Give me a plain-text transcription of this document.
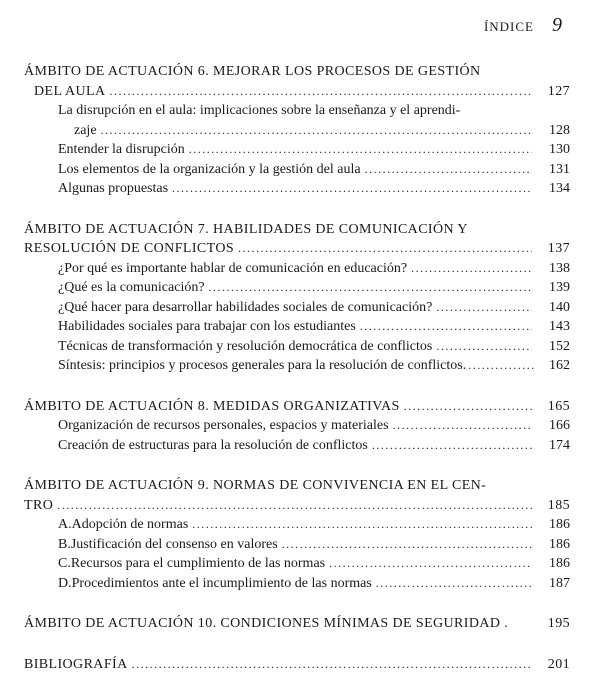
ÍNDICE 9
ÁMBITO DE ACTUACIÓN 6. MEJORAR LOS PROCESOS DE GESTIÓN
DEL AULA .....	127
La disrupción en el aula: implicaciones sobre la enseñanza y el aprendi-
zaje .....	128
Entender la disrupción .....	130
Los elementos de la organización y la gestión del aula .....	131
Algunas propuestas .....	134
ÁMBITO DE ACTUACIÓN 7. HABILIDADES DE COMUNICACIÓN Y
RESOLUCIÓN DE CONFLICTOS .....	137
¿Por qué es importante hablar de comunicación en educación? .....	138
¿Qué es la comunicación? .....	139
¿Qué hacer para desarrollar habilidades sociales de comunicación? .....	140
Habilidades sociales para trabajar con los estudiantes .....	143
Técnicas de transformación y resolución democrática de conflictos .....	152
Síntesis: principios y procesos generales para la resolución de conflictos. .....	162
ÁMBITO DE ACTUACIÓN 8. MEDIDAS ORGANIZATIVAS .....	165
Organización de recursos personales, espacios y materiales .....	166
Creación de estructuras para la resolución de conflictos .....	174
ÁMBITO DE ACTUACIÓN 9. NORMAS DE CONVIVENCIA EN EL CEN-
TRO .....	185
A. Adopción de normas .....	186
B. Justificación del consenso en valores .....	186
C. Recursos para el cumplimiento de las normas .....	186
D. Procedimientos ante el incumplimiento de las normas .....	187
ÁMBITO DE ACTUACIÓN 10. CONDICIONES MÍNIMAS DE SEGURIDAD .	195
BIBLIOGRAFÍA .....	201
